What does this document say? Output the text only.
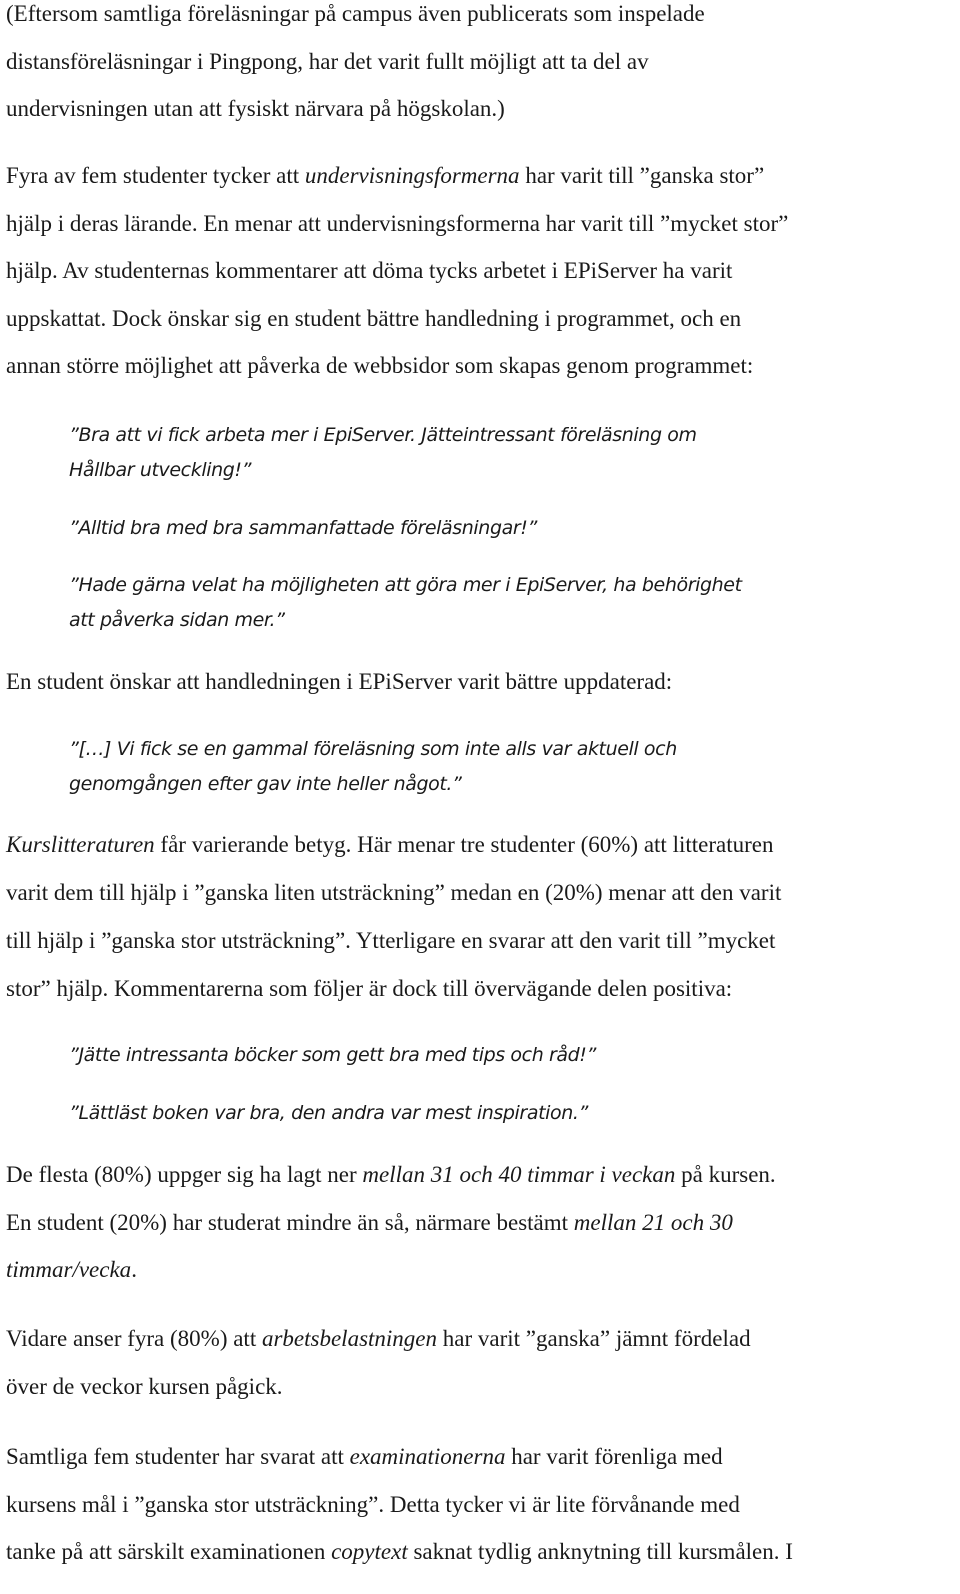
(Eftersom samtliga föreläsningar på campus även publicerats som inspelade
distansföreläsningar i Pingpong, har det varit fullt möjligt att ta del av
undervisningen utan att fysiskt närvara på högskolan.)
Fyra av fem studenter tycker att undervisningsformerna har varit till ”ganska stor”
hjälp i deras lärande. En menar att undervisningsformerna har varit till ”mycket stor”
hjälp. Av studenternas kommentarer att döma tycks arbetet i EPiServer ha varit
uppskattat. Dock önskar sig en student bättre handledning i programmet, och en
annan större möjlighet att påverka de webbsidor som skapas genom programmet:
”Bra att vi fick arbeta mer i EpiServer. Jätteintressant föreläsning om
Hållbar utveckling!”
”Alltid bra med bra sammanfattade föreläsningar!”
”Hade gärna velat ha möjligheten att göra mer i EpiServer, ha behörighet
att påverka sidan mer.”
En student önskar att handledningen i EPiServer varit bättre uppdaterad:
”[…] Vi fick se en gammal föreläsning som inte alls var aktuell och
genomgången efter gav inte heller något.”
Kurslitteraturen får varierande betyg. Här menar tre studenter (60%) att litteraturen
varit dem till hjälp i ”ganska liten utsträckning” medan en (20%) menar att den varit
till hjälp i ”ganska stor utsträckning”. Ytterligare en svarar att den varit till ”mycket
stor” hjälp. Kommentarerna som följer är dock till övervägande delen positiva:
”Jätte intressanta böcker som gett bra med tips och råd!”
”Lättläst boken var bra, den andra var mest inspiration.”
De flesta (80%) uppger sig ha lagt ner mellan 31 och 40 timmar i veckan på kursen.
En student (20%) har studerat mindre än så, närmare bestämt mellan 21 och 30
timmar/vecka.
Vidare anser fyra (80%) att arbetsbelastningen har varit ”ganska” jämnt fördelad
över de veckor kursen pågick.
Samtliga fem studenter har svarat att examinationerna har varit förenliga med
kursens mål i ”ganska stor utsträckning”. Detta tycker vi är lite förvånande med
tanke på att särskilt examinationen copytext saknat tydlig anknytning till kursmålen. I
